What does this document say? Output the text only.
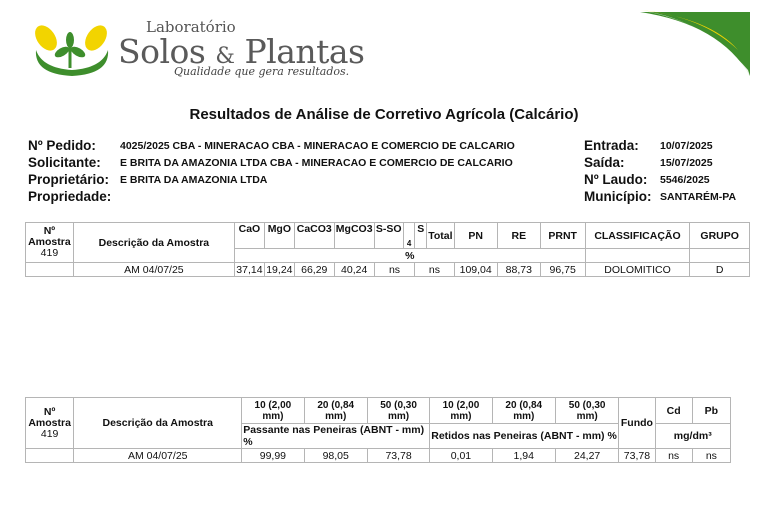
Laboratório
Solos & Plantas
Qualidade que gera resultados.
Resultados de Análise de Corretivo Agrícola (Calcário)
Nº Pedido: 4025/2025 CBA - MINERACAO CBA - MINERACAO E COMERCIO DE CALCARIO	Entrada: 10/07/2025
Solicitante: E BRITA DA AMAZONIA LTDA CBA - MINERACAO E COMERCIO DE CALCARIO	Saída:	15/07/2025
Proprietário: E BRITA DA AMAZONIA LTDA	Nº Laudo: 5546/2025
Propriedade:	Município: SANTARÉM-PA
Nº Amostra
419	Descrição da Amostra	CaO	MgO	CaCO3	MgCO3	S-SO	4	S	Total	PN	RE	PRNT	CLASSIFICAÇÃO	GRUPO
		%												
	AM 04/07/25	37,14	19,24	66,29	40,24	ns		ns		109,04	88,73	96,75	DOLOMITICO	D
Nº Amostra
419	Descrição da Amostra	10 (2,00 mm)	20 (0,84 mm)	50 (0,30 mm)	10 (2,00 mm)	20 (0,84 mm)	50 (0,30 mm)	Fundo	Cd	Pb
		Passante nas Peneiras (ABNT - mm) %			Retidos nas Peneiras (ABNT - mm) %				mg/dm³	
	AM 04/07/25	99,99	98,05	73,78	0,01	1,94	24,27	73,78	ns	ns
